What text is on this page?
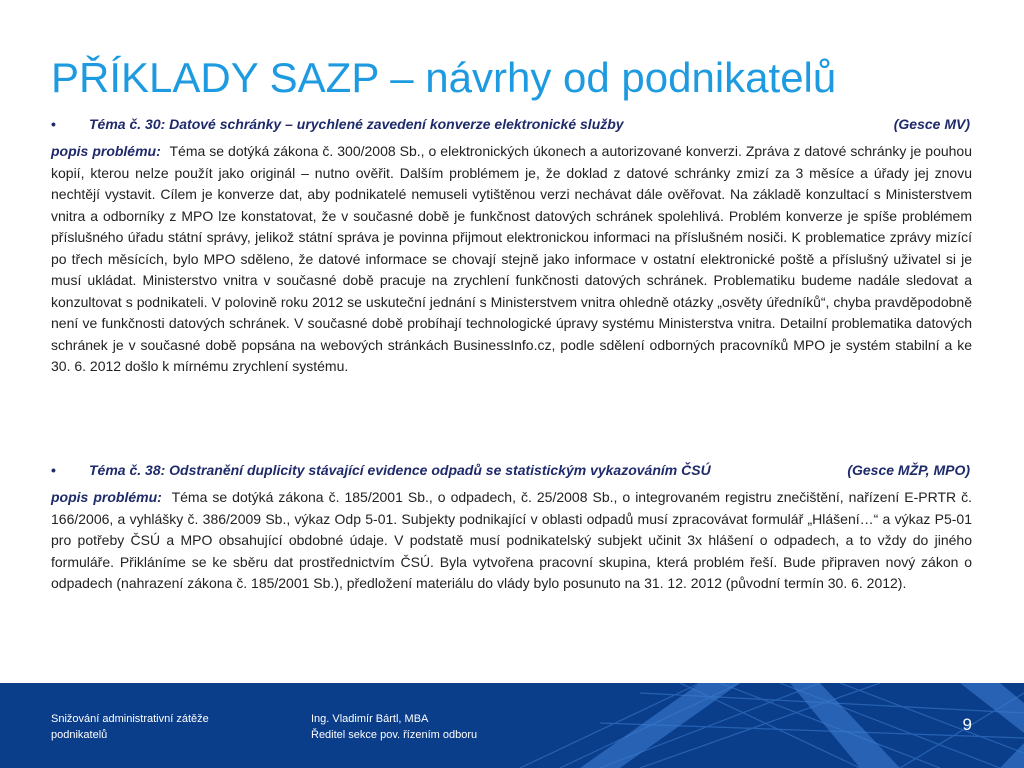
PŘÍKLADY SAZP – návrhy od podnikatelů
• Téma č. 30: Datové schránky – urychlené zavedení konverze elektronické služby	(Gesce MV)

popis problému: Téma se dotýká zákona č. 300/2008 Sb., o elektronických úkonech a autorizované konverzi. Zpráva z datové schránky je pouhou kopií, kterou nelze použít jako originál – nutno ověřit. Dalším problémem je, že doklad z datové schránky zmizí za 3 měsíce a úřady jej znovu nechtějí vystavit. Cílem je konverze dat, aby podnikatelé nemuseli vytištěnou verzi nechávat dále ověřovat. Na základě konzultací s Ministerstvem vnitra a odborníky z MPO lze konstatovat, že v současné době je funkčnost datových schránek spolehlivá. Problém konverze je spíše problémem příslušného úřadu státní správy, jelikož státní správa je povinna přijmout elektronickou informaci na příslušném nosiči. K problematice zprávy mizící po třech měsících, bylo MPO sděleno, že datové informace se chovají stejně jako informace v ostatní elektronické poště a příslušný uživatel si je musí ukládat. Ministerstvo vnitra v současné době pracuje na zrychlení funkčnosti datových schránek. Problematiku budeme nadále sledovat a konzultovat s podnikateli. V polovině roku 2012 se uskuteční jednání s Ministerstvem vnitra ohledně otázky „osvěty úředníků“, chyba pravděpodobně není ve funkčnosti datových schránek. V současné době probíhají technologické úpravy systému Ministerstva vnitra. Detailní problematika datových schránek je v současné době popsána na webových stránkách BusinessInfo.cz, podle sdělení odborných pracovníků MPO je systém stabilní a ke 30. 6. 2012 došlo k mírnému zrychlení systému.

• Téma č. 38: Odstranění duplicity stávající evidence odpadů se statistickým vykazováním ČSÚ	(Gesce MŽP, MPO)

popis problému: Téma se dotýká zákona č. 185/2001 Sb., o odpadech, č. 25/2008 Sb., o integrovaném registru znečištění, nařízení E-PRTR č. 166/2006, a vyhlášky č. 386/2009 Sb., výkaz Odp 5-01. Subjekty podnikající v oblasti odpadů musí zpracovávat formulář „Hlášení…“ a výkaz P5-01 pro potřeby ČSÚ a MPO obsahující obdobné údaje. V podstatě musí podnikatelský subjekt učinit 3x hlášení o odpadech, a to vždy do jiného formuláře. Přikláníme se ke sběru dat prostřednictvím ČSÚ. Byla vytvořena pracovní skupina, která problém řeší. Bude připraven nový zákon o odpadech (nahrazení zákona č. 185/2001 Sb.), předložení materiálu do vlády bylo posunuto na 31. 12. 2012 (původní termín 30. 6. 2012).

Snižování administrativní zátěže
podnikatelů
Ing. Vladimír Bártl, MBA
Ředitel sekce pov. řízením odboru
9
